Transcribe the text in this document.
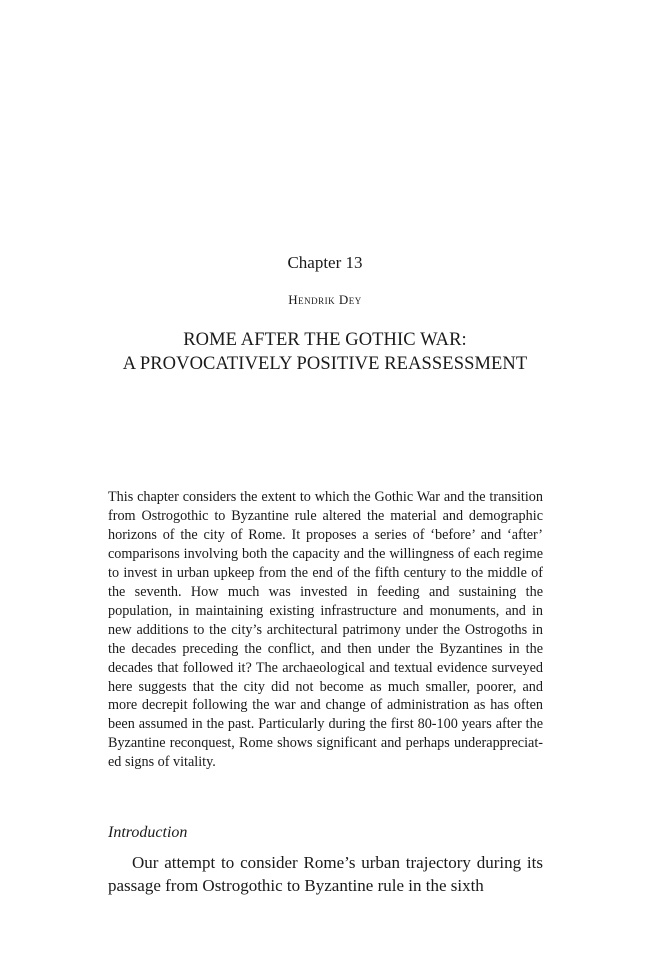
Chapter 13
Hendrik Dey
ROME AFTER THE GOTHIC WAR:
A PROVOCATIVELY POSITIVE REASSESSMENT

This chapter considers the extent to which the Gothic War and the transition from Ostrogothic to Byzantine rule altered the material and demographic horizons of the city of Rome. It proposes a series of ‘before’ and ‘after’ comparisons involving both the capacity and the willingness of each regime to invest in urban upkeep from the end of the fifth century to the middle of the seventh. How much was invested in feeding and sustaining the population, in maintaining existing infrastructure and monuments, and in new additions to the city’s architectural patrimony under the Ostrogoths in the decades preceding the conflict, and then under the Byzantines in the decades that followed it? The archaeological and textual evidence surveyed here suggests that the city did not become as much smaller, poorer, and more decrepit following the war and change of administration as has often been assumed in the past. Particularly during the first 80-100 years after the Byzantine reconquest, Rome shows significant and perhaps underappreciated signs of vitality.

Introduction

Our attempt to consider Rome’s urban trajectory during its passage from Ostrogothic to Byzantine rule in the sixth
